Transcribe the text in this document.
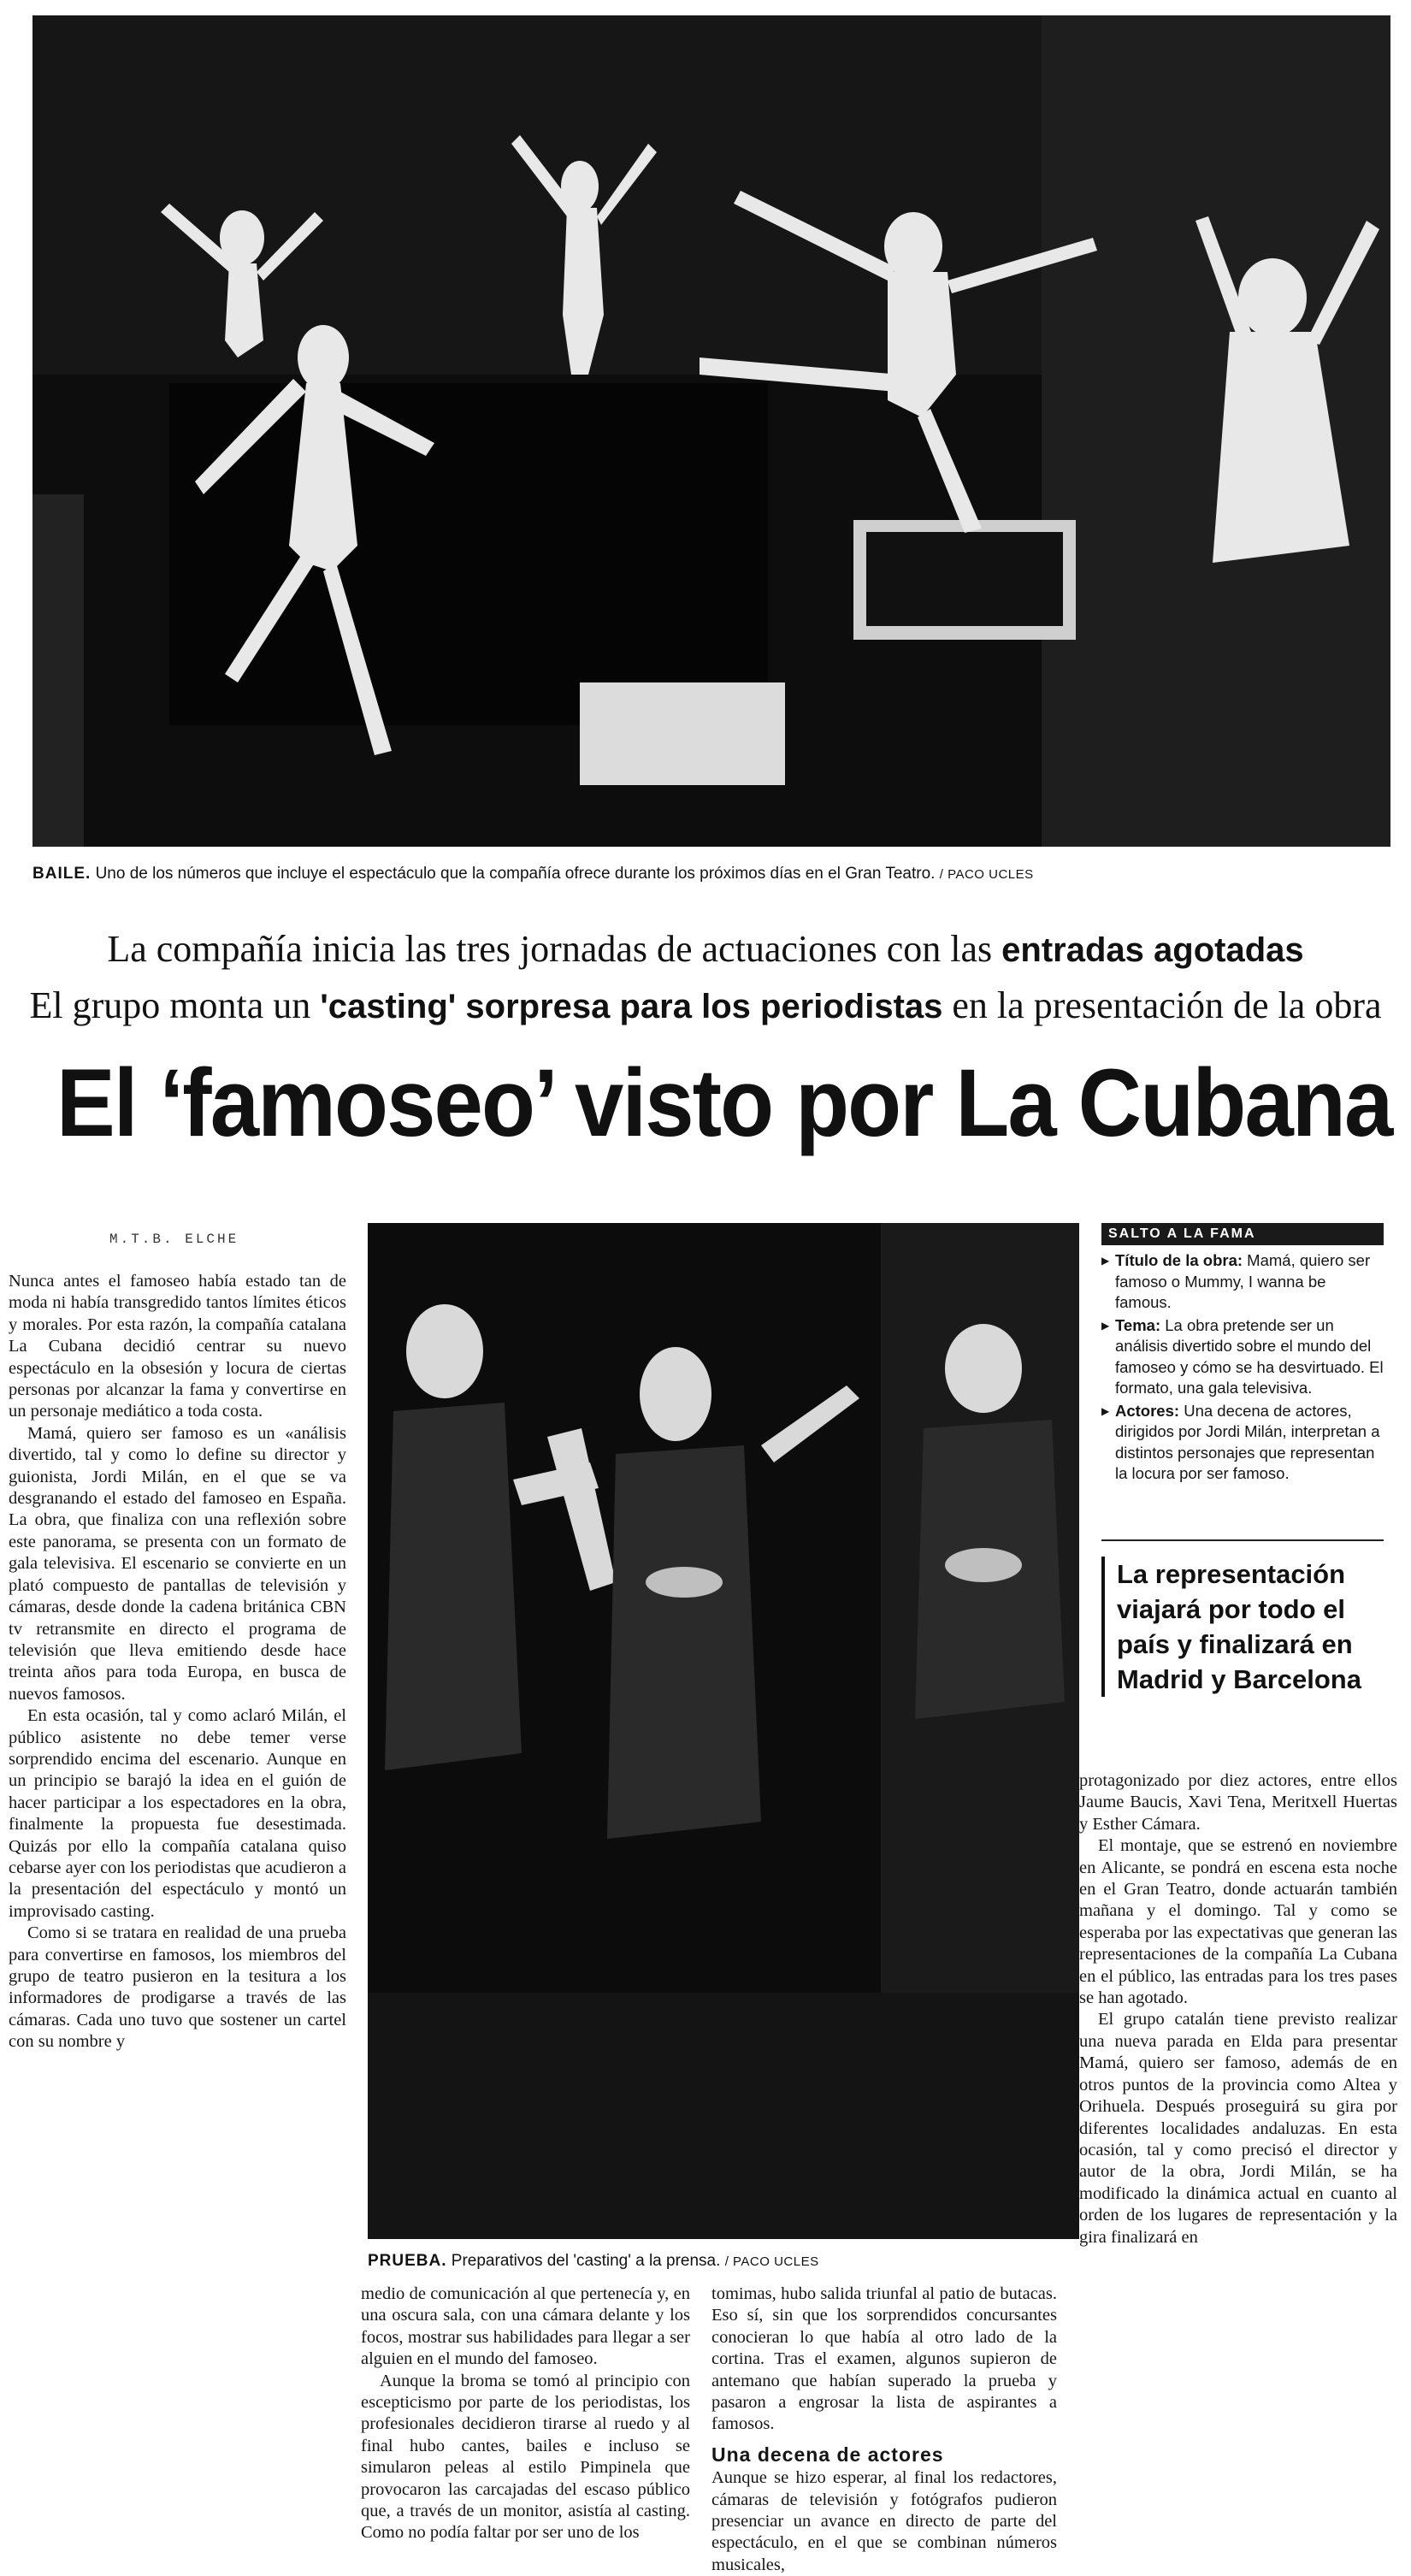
BAILE. Uno de los números que incluye el espectáculo que la compañía ofrece durante los próximos días en el Gran Teatro. / PACO UCLES
La compañía inicia las tres jornadas de actuaciones con las entradas agotadas
El grupo monta un 'casting' sorpresa para los periodistas en la presentación de la obra
El ‘famoseo’ visto por La Cubana
M.T.B. ELCHE
PRUEBA. Preparativos del 'casting' a la prensa. / PACO UCLES
SALTO A LA FAMA
▶ Título de la obra: Mamá, quiero ser famoso o Mummy, I wanna be famous.
▶ Tema: La obra pretende ser un análisis divertido sobre el mundo del famoseo y cómo se ha desvirtuado. El formato, una gala televisiva.
▶ Actores: Una decena de actores, dirigidos por Jordi Milán, interpretan a distintos personajes que representan la locura por ser famoso.
La representación viajará por todo el país y finalizará en Madrid y Barcelona

Nunca antes el famoseo había estado tan de moda ni había transgredido tantos límites éticos y morales. Por esta razón, la compañía catalana La Cubana decidió centrar su nuevo espectáculo en la obsesión y locura de ciertas personas por alcanzar la fama y convertirse en un personaje mediático a toda costa.

Mamá, quiero ser famoso es un «análisis divertido, tal y como lo define su director y guionista, Jordi Milán, en el que se va desgranando el estado del famoseo en España. La obra, que finaliza con una reflexión sobre este panorama, se presenta con un formato de gala televisiva. El escenario se convierte en un plató compuesto de pantallas de televisión y cámaras, desde donde la cadena británica CBN tv retransmite en directo el programa de televisión que lleva emitiendo desde hace treinta años para toda Europa, en busca de nuevos famosos.

En esta ocasión, tal y como aclaró Milán, el público asistente no debe temer verse sorprendido encima del escenario. Aunque en un principio se barajó la idea en el guión de hacer participar a los espectadores en la obra, finalmente la propuesta fue desestimada. Quizás por ello la compañía catalana quiso cebarse ayer con los periodistas que acudieron a la presentación del espectáculo y montó un improvisado casting.

Como si se tratara en realidad de una prueba para convertirse en famosos, los miembros del grupo de teatro pusieron en la tesitura a los informadores de prodigarse a través de las cámaras. Cada uno tuvo que sostener un cartel con su nombre y

medio de comunicación al que pertenecía y, en una oscura sala, con una cámara delante y los focos, mostrar sus habilidades para llegar a ser alguien en el mundo del famoseo.

Aunque la broma se tomó al principio con escepticismo por parte de los periodistas, los profesionales decidieron tirarse al ruedo y al final hubo cantes, bailes e incluso se simularon peleas al estilo Pimpinela que provocaron las carcajadas del escaso público que, a través de un monitor, asistía al casting. Como no podía faltar por ser uno de los

tomimas, hubo salida triunfal al patio de butacas. Eso sí, sin que los sorprendidos concursantes conocieran lo que había al otro lado de la cortina. Tras el examen, algunos supieron de antemano que habían superado la prueba y pasaron a engrosar la lista de aspirantes a famosos.

Una decena de actores

Aunque se hizo esperar, al final los redactores, cámaras de televisión y fotógrafos pudieron presenciar un avance en directo de parte del espectáculo, en el que se combinan números musicales,

protagonizado por diez actores, entre ellos Jaume Baucis, Xavi Tena, Meritxell Huertas y Esther Cámara.

El montaje, que se estrenó en noviembre en Alicante, se pondrá en escena esta noche en el Gran Teatro, donde actuarán también mañana y el domingo. Tal y como se esperaba por las expectativas que generan las representaciones de la compañía La Cubana en el público, las entradas para los tres pases se han agotado.

El grupo catalán tiene previsto realizar una nueva parada en Elda para presentar Mamá, quiero ser famoso, además de en otros puntos de la provincia como Altea y Orihuela. Después proseguirá su gira por diferentes localidades andaluzas. En esta ocasión, tal y como precisó el director y autor de la obra, Jordi Milán, se ha modificado la dinámica actual en cuanto al orden de los lugares de representación y la gira finalizará en
